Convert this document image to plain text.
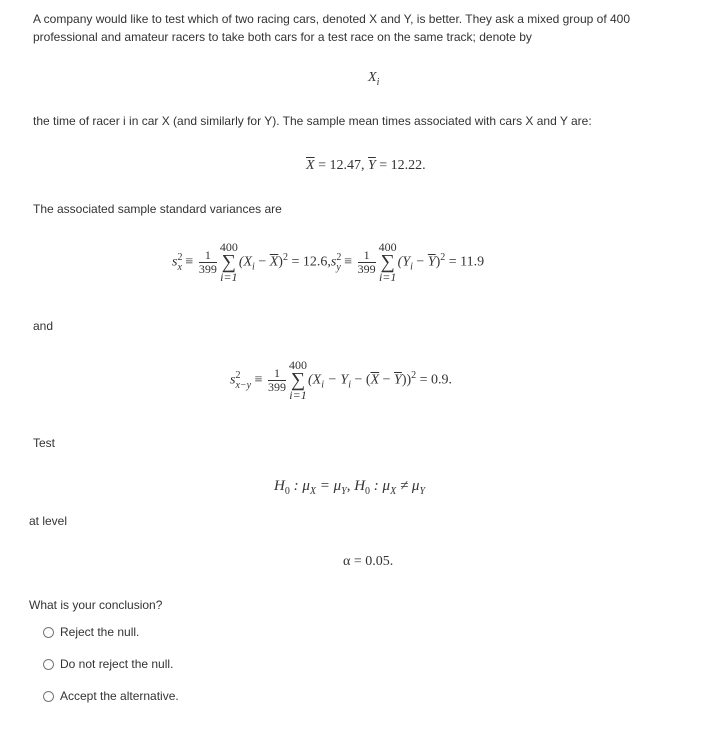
A company would like to test which of two racing cars, denoted X and Y, is better. They ask a mixed group of 400 professional and amateur racers to take both cars for a test race on the same track; denote by
$X_i$
the time of racer i in car X (and similarly for Y). The sample mean times associated with cars X and Y are:
$\overline{X} = 12.47$, $\overline{Y} = 12.22$.
The associated sample standard variances are
$s^2_x \equiv \frac{1}{399}$
400
∑
i=1
$(X_i - \overline{X})^2 = 12.6,s^2_y \equiv \frac{1}{399}$
400
∑
i=1
$(Y_i - \overline{Y})^2 = 11.9$
and
$s^2_{x-y} \equiv \frac{1}{399}$
400
∑
i=1
$(X_i - Y_i - (\overline{X} - \overline{Y}))^2 = 0.9$.
Test
$H_0$ : $\mu_X = \mu_Y$, $H_0$ : $\mu_X \ne \mu_Y$
at level
α = 0.05.
What is your conclusion?
Reject the null.
Do not reject the null.
Accept the alternative.
